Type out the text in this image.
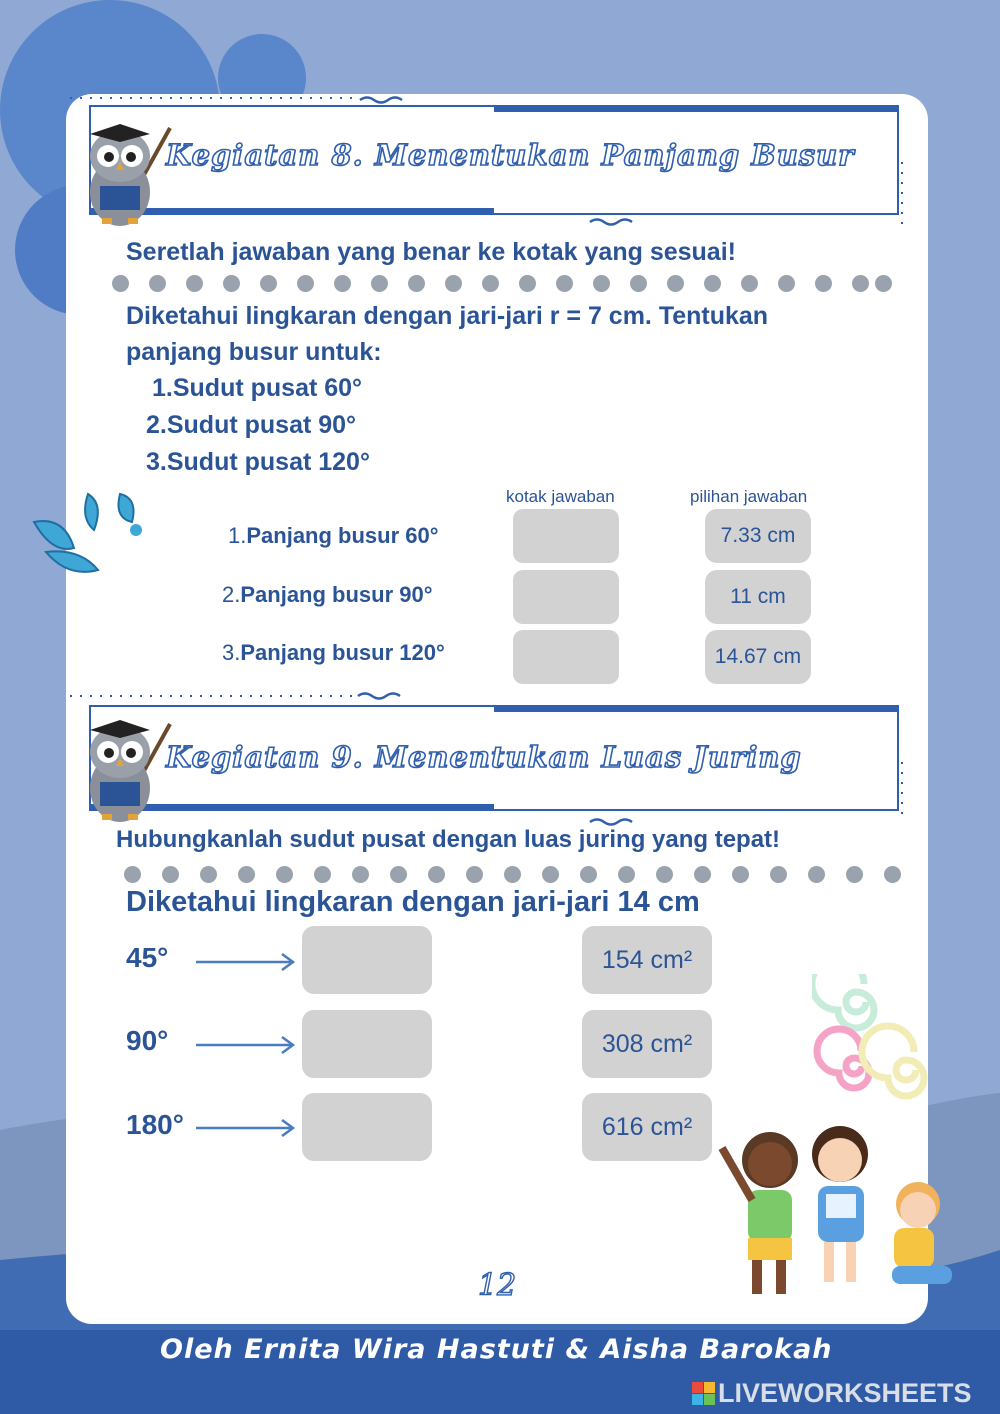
Kegiatan 8. Menentukan Panjang Busur
Seretlah jawaban yang benar ke kotak yang sesuai!
Diketahui lingkaran dengan jari-jari r = 7 cm. Tentukan
panjang busur untuk:
1.Sudut pusat 60°
2.Sudut pusat 90°
3.Sudut pusat 120°
kotak jawaban	pilihan jawaban
1.Panjang busur 60°
2.Panjang busur 90°
3.Panjang busur 120°
7.33 cm
11 cm
14.67 cm
Kegiatan 9. Menentukan Luas Juring
Hubungkanlah sudut pusat dengan luas juring yang tepat!
Diketahui lingkaran dengan jari-jari 14 cm
45°
90°
180°
154 cm²
308 cm²
616 cm²
12
Oleh Ernita Wira Hastuti & Aisha Barokah
LIVEWORKSHEETS
